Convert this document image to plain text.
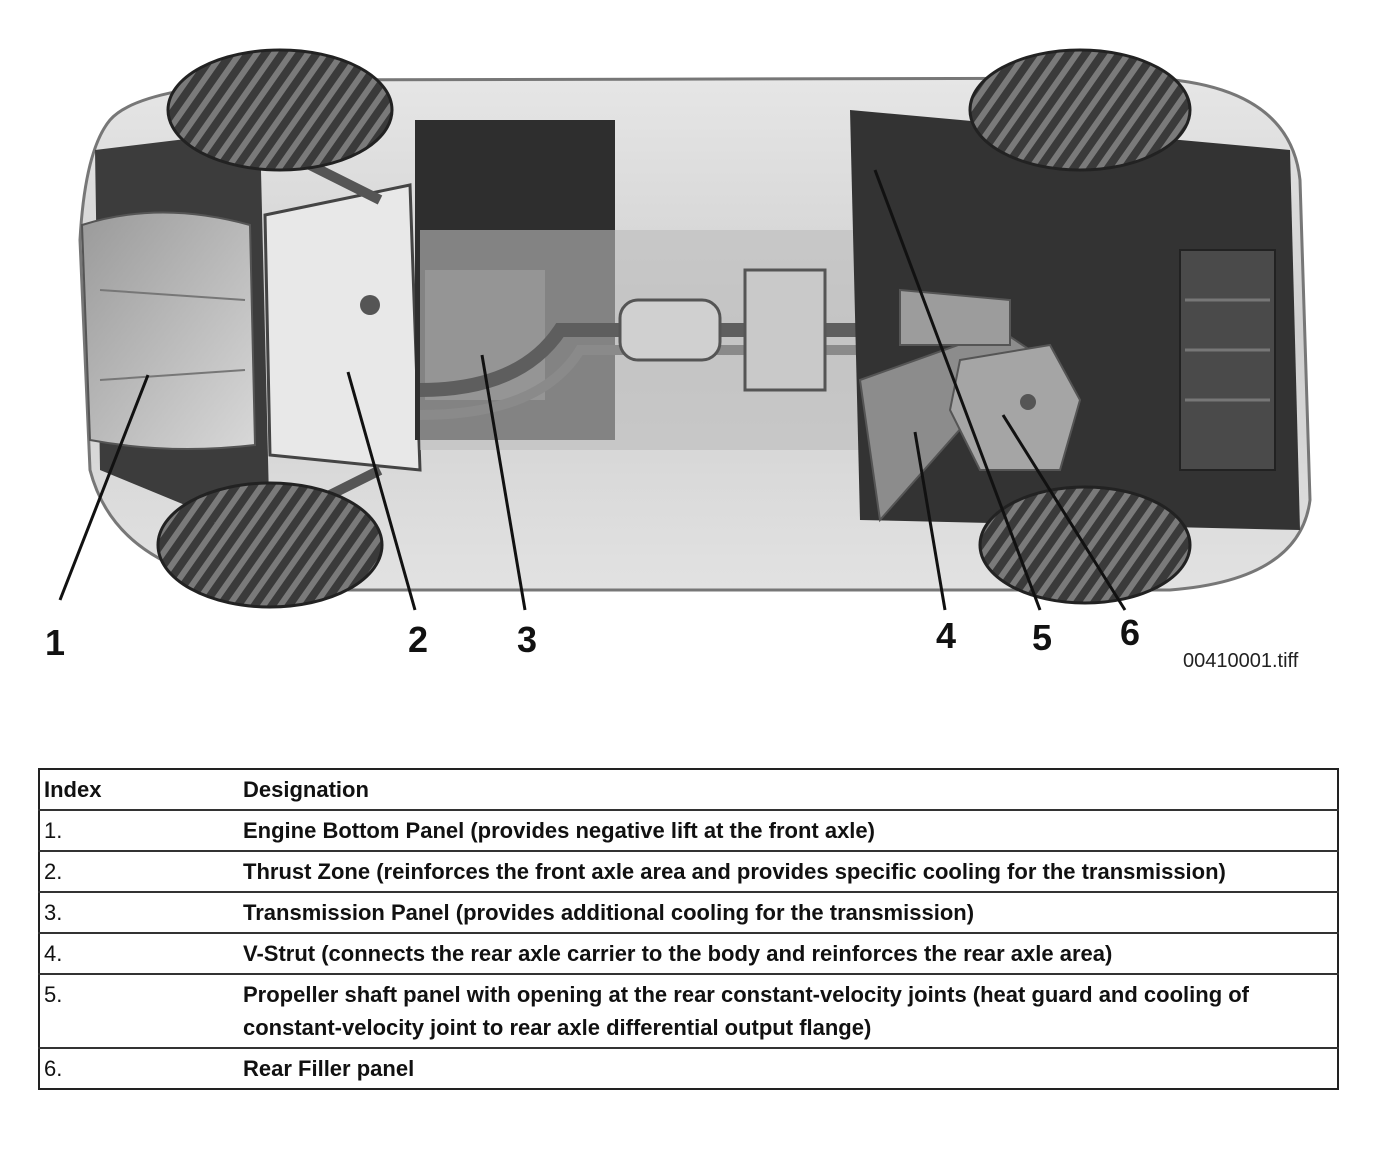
1	2 3	4 5 6
00410001.tiff
Index	Designation
1.	Engine Bottom Panel (provides negative lift at the front axle)
2.	Thrust Zone (reinforces the front axle area and provides specific cooling for the transmission)
3.	Transmission Panel (provides additional cooling for the transmission)
4.	V-Strut (connects the rear axle carrier to the body and reinforces the rear axle area)
5.	Propeller shaft panel with opening at the rear constant-velocity joints (heat guard and cooling of constant-velocity joint to rear axle differential output flange)
6.	Rear Filler panel
